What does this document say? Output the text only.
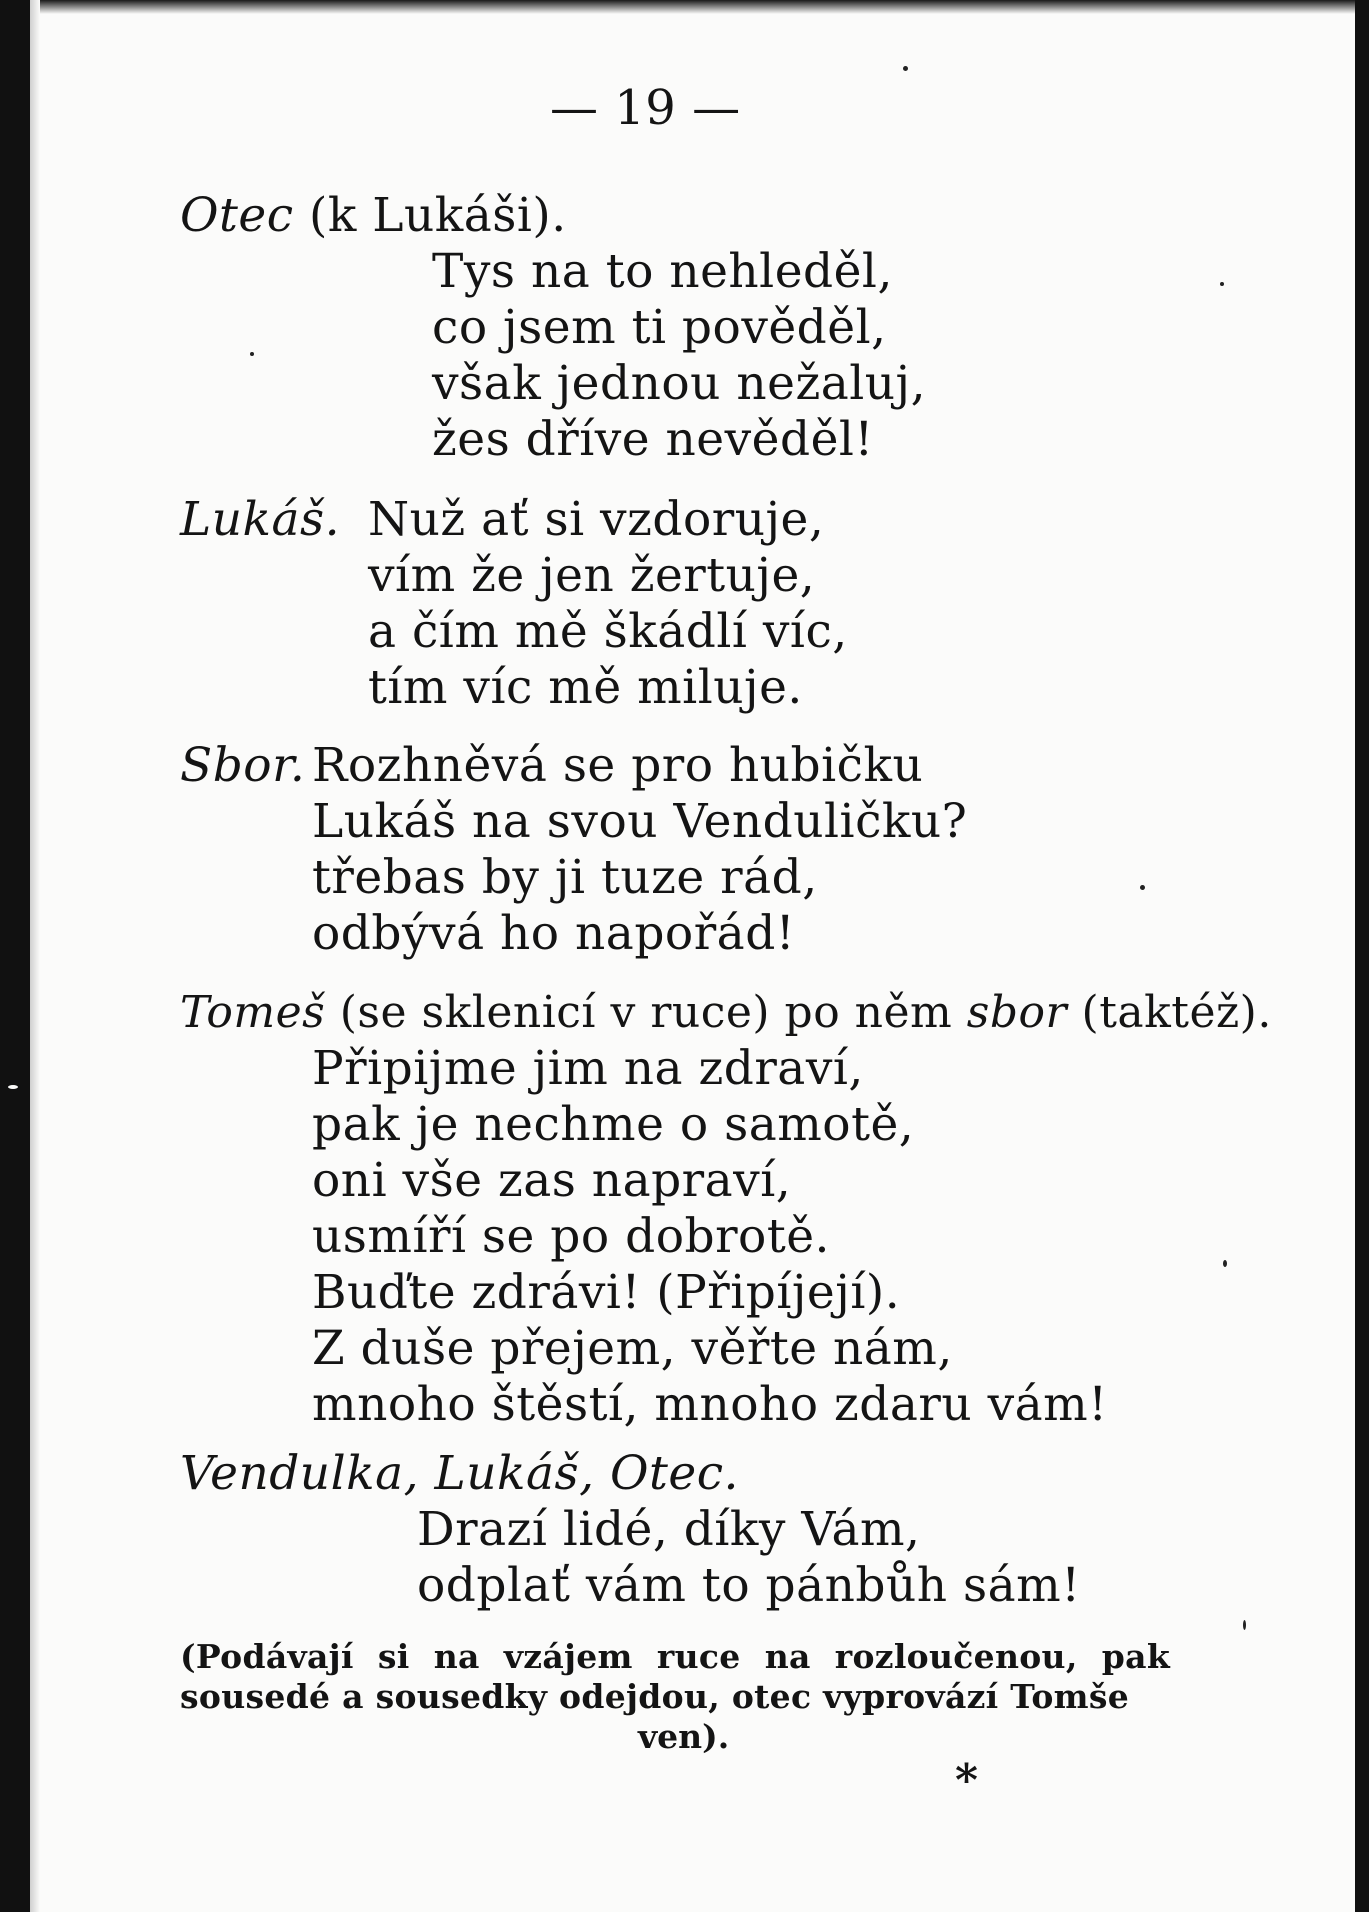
— 19 —
Otec (k Lukáši).
Tys na to nehleděl,
co jsem ti pověděl,
však jednou nežaluj,
žes dříve nevěděl!
Lukáš. Nuž ať si vzdoruje,
vím že jen žertuje,
a čím mě škádlí víc,
tím víc mě miluje.
Sbor. Rozhněvá se pro hubičku
Lukáš na svou Venduličku?
třebas by ji tuze rád,
odbývá ho napořád!
Tomeš (se sklenicí v ruce) po něm sbor (taktéž).
Připijme jim na zdraví,
pak je nechme o samotě,
oni vše zas napraví,
usmíří se po dobrotě.
Buďte zdrávi! (Připíjejí).
Z duše přejem, věřte nám,
mnoho štěstí, mnoho zdaru vám!
Vendulka, Lukáš, Otec.
Drazí lidé, díky Vám,
odplať vám to pánbůh sám!
(Podávají si na vzájem ruce na rozloučenou, pak sousedé a sousedky odejdou, otec vyprovází Tomše
ven).
*
